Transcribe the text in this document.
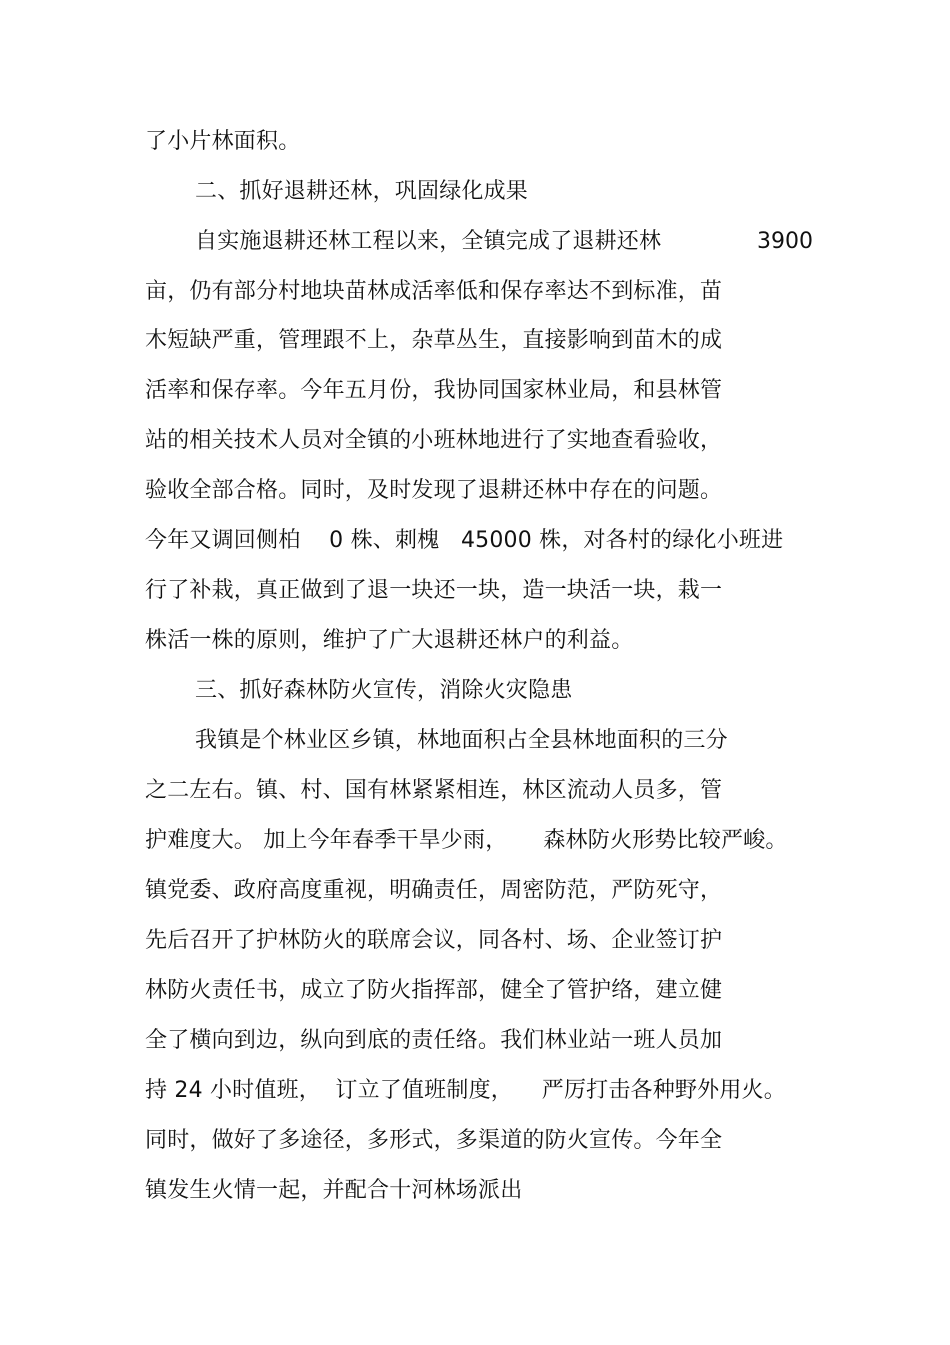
了小片林面积。
二、抓好退耕还林，巩固绿化成果
自实施退耕还林工程以来，全镇完成了退耕还林	3900
亩，仍有部分村地块苗林成活率低和保存率达不到标准，苗
木短缺严重，管理跟不上，杂草丛生，直接影响到苗木的成
活率和保存率。今年五月份，我协同国家林业局，和县林管
站的相关技术人员对全镇的小班林地进行了实地查看验收，
验收全部合格。同时，及时发现了退耕还林中存在的问题。
今年又调回侧柏    0 株、刺槐   45000 株，对各村的绿化小班进
行了补栽，真正做到了退一块还一块，造一块活一块，栽一
株活一株的原则，维护了广大退耕还林户的利益。
三、抓好森林防火宣传，消除火灾隐患
我镇是个林业区乡镇，林地面积占全县林地面积的三分
之二左右。镇、村、国有林紧紧相连，林区流动人员多，管
护难度大。 加上今年春季干旱少雨，     森林防火形势比较严峻。
镇党委、政府高度重视，明确责任，周密防范，严防死守，
先后召开了护林防火的联席会议，同各村、场、企业签订护
林防火责任书，成立了防火指挥部，健全了管护络，建立健
全了横向到边，纵向到底的责任络。我们林业站一班人员加
持 24 小时值班，  订立了值班制度，    严厉打击各种野外用火。
同时，做好了多途径，多形式，多渠道的防火宣传。今年全
镇发生火情一起，并配合十河林场派出
